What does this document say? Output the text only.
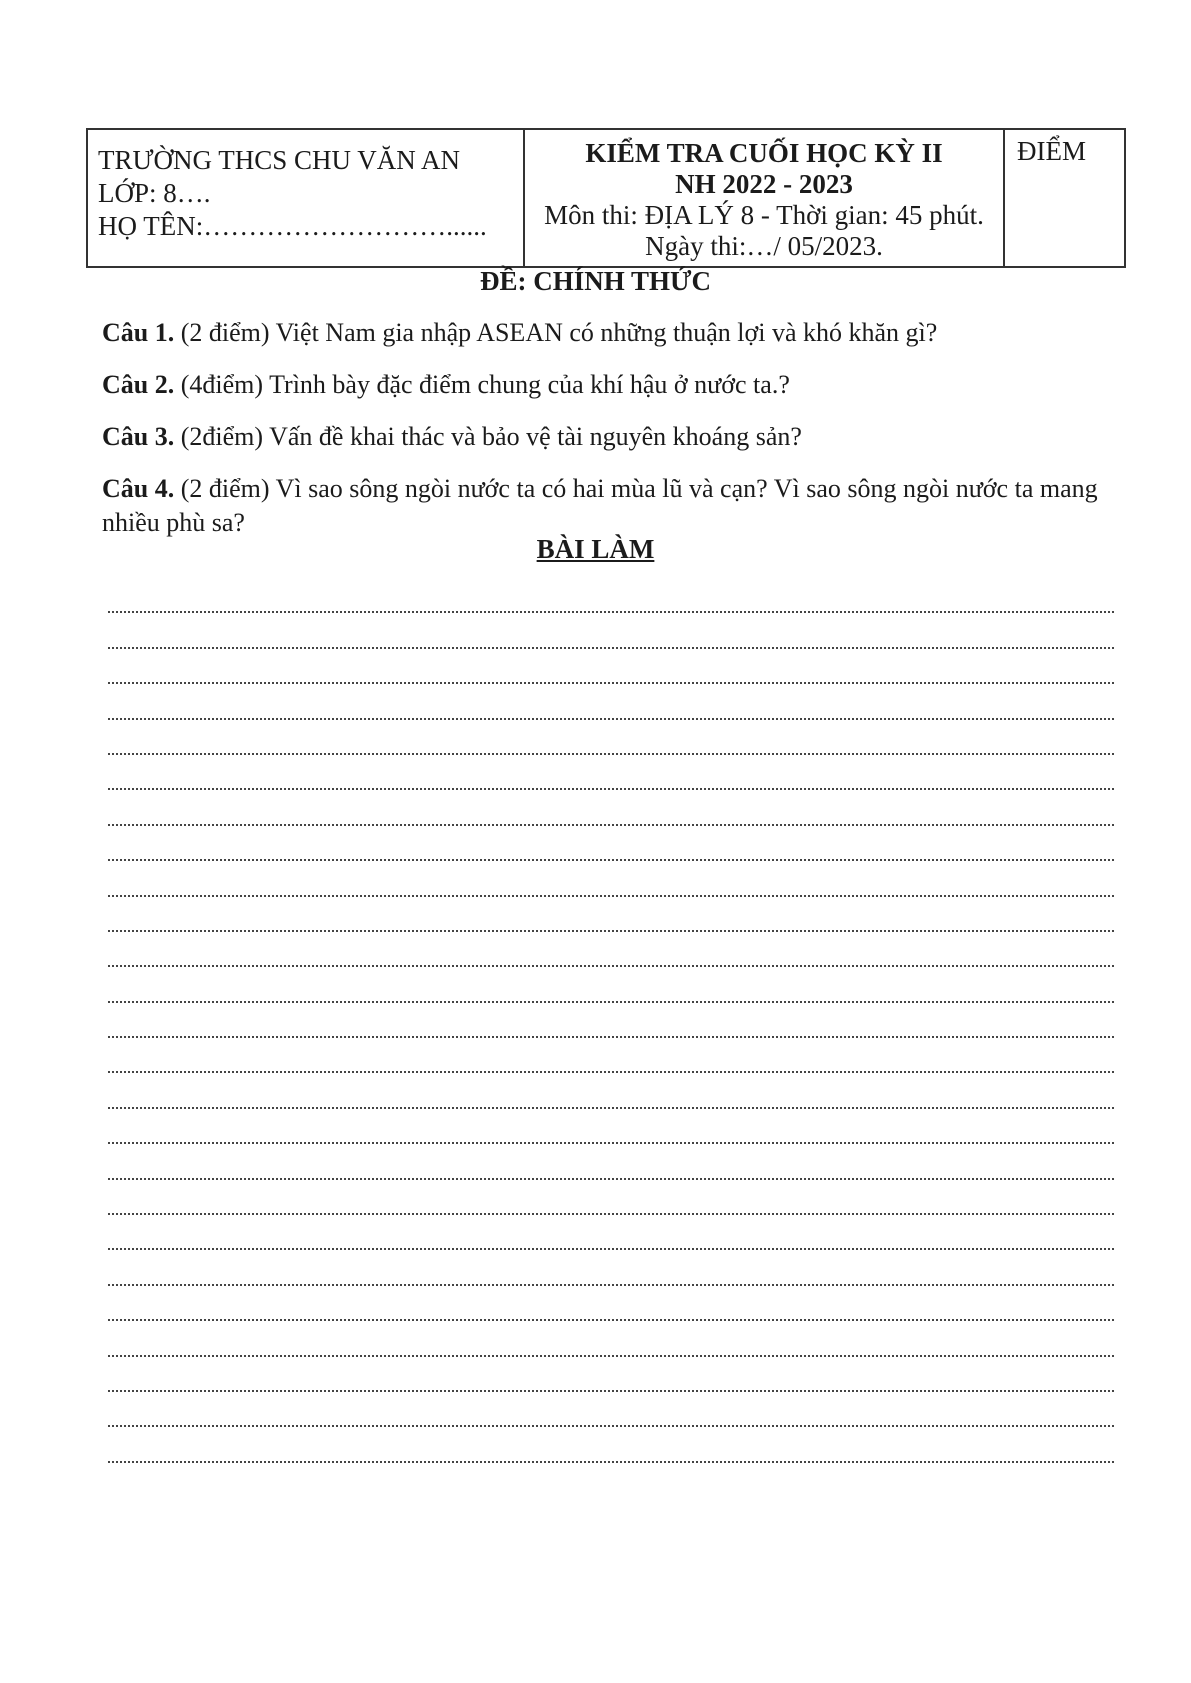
TRƯỜNG THCS CHU VĂN AN
LỚP: 8….
HỌ TÊN:………………………......
KIỂM TRA CUỐI HỌC KỲ II
NH 2022 - 2023
Môn thi: ĐỊA LÝ 8 - Thời gian: 45 phút.
Ngày thi:…/ 05/2023.
ĐIỂM
ĐỀ: CHÍNH THỨC
Câu 1. (2 điểm) Việt Nam gia nhập ASEAN có những thuận lợi và khó khăn gì?
Câu 2. (4điểm) Trình bày đặc điểm chung của khí hậu ở nước ta.?
Câu 3. (2điểm) Vấn đề khai thác và bảo vệ tài nguyên khoáng sản?
Câu 4. (2 điểm) Vì sao sông ngòi nước ta có hai mùa lũ và cạn? Vì sao sông ngòi nước ta mang nhiều phù sa?
BÀI LÀM
